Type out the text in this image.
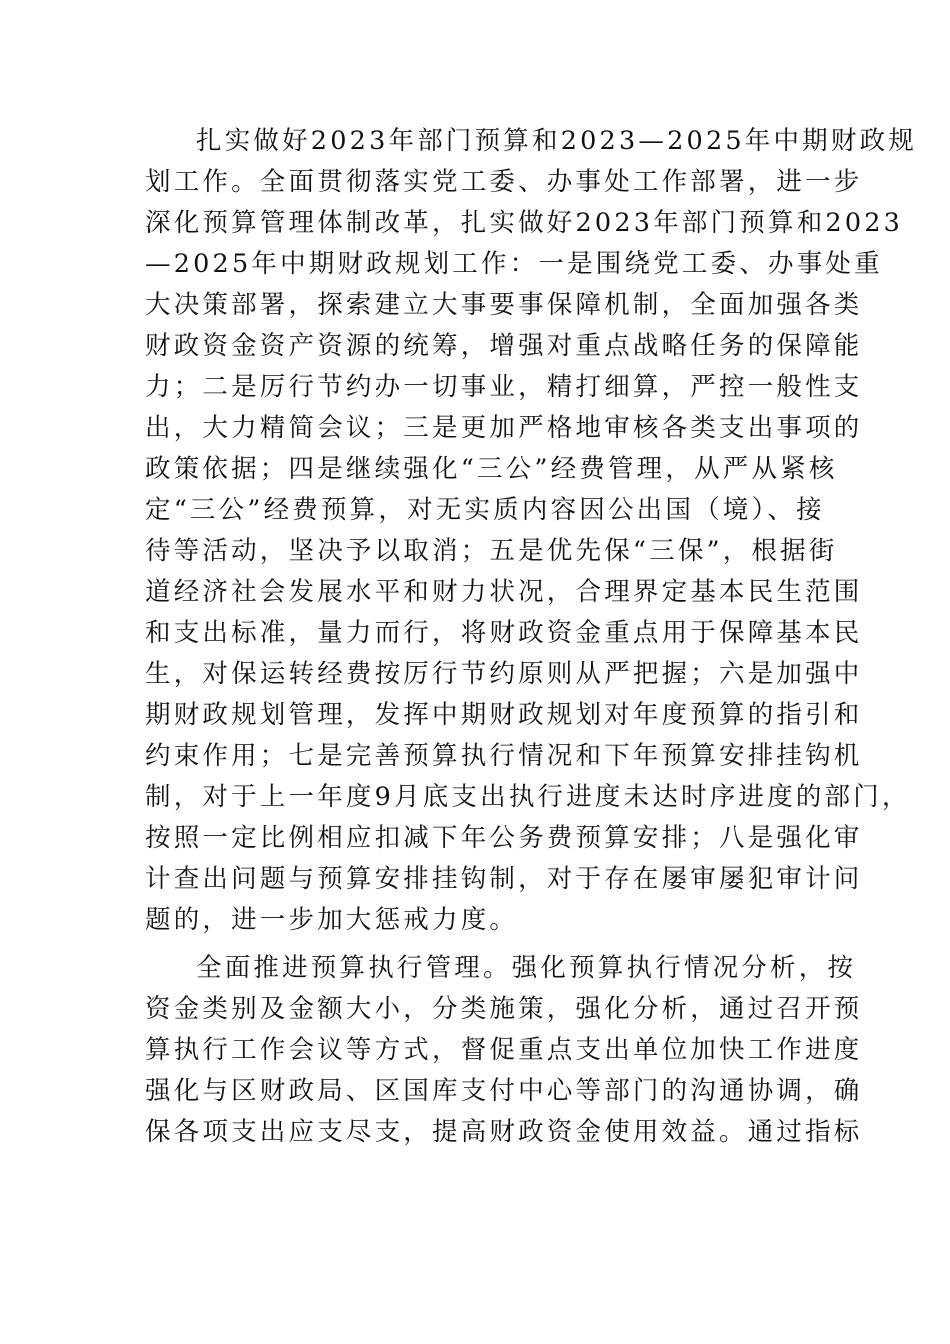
扎实做好2023年部门预算和2023—2025年中期财政规
划工作。全面贯彻落实党工委、办事处工作部署，进一步
深化预算管理体制改革，扎实做好2023年部门预算和2023
—2025年中期财政规划工作：一是围绕党工委、办事处重
大决策部署，探索建立大事要事保障机制，全面加强各类
财政资金资产资源的统筹，增强对重点战略任务的保障能
力；二是厉行节约办一切事业，精打细算，严控一般性支
出，大力精简会议；三是更加严格地审核各类支出事项的
政策依据；四是继续强化“三公”经费管理，从严从紧核
定“三公”经费预算，对无实质内容因公出国（境）、接
待等活动，坚决予以取消；五是优先保“三保”，根据街
道经济社会发展水平和财力状况，合理界定基本民生范围
和支出标准，量力而行，将财政资金重点用于保障基本民
生，对保运转经费按厉行节约原则从严把握；六是加强中
期财政规划管理，发挥中期财政规划对年度预算的指引和
约束作用；七是完善预算执行情况和下年预算安排挂钩机
制，对于上一年度9月底支出执行进度未达时序进度的部门，
按照一定比例相应扣减下年公务费预算安排；八是强化审
计查出问题与预算安排挂钩制，对于存在屡审屡犯审计问
题的，进一步加大惩戒力度。
全面推进预算执行管理。强化预算执行情况分析，按
资金类别及金额大小，分类施策，强化分析，通过召开预
算执行工作会议等方式，督促重点支出单位加快工作进度
强化与区财政局、区国库支付中心等部门的沟通协调，确
保各项支出应支尽支，提高财政资金使用效益。通过指标
